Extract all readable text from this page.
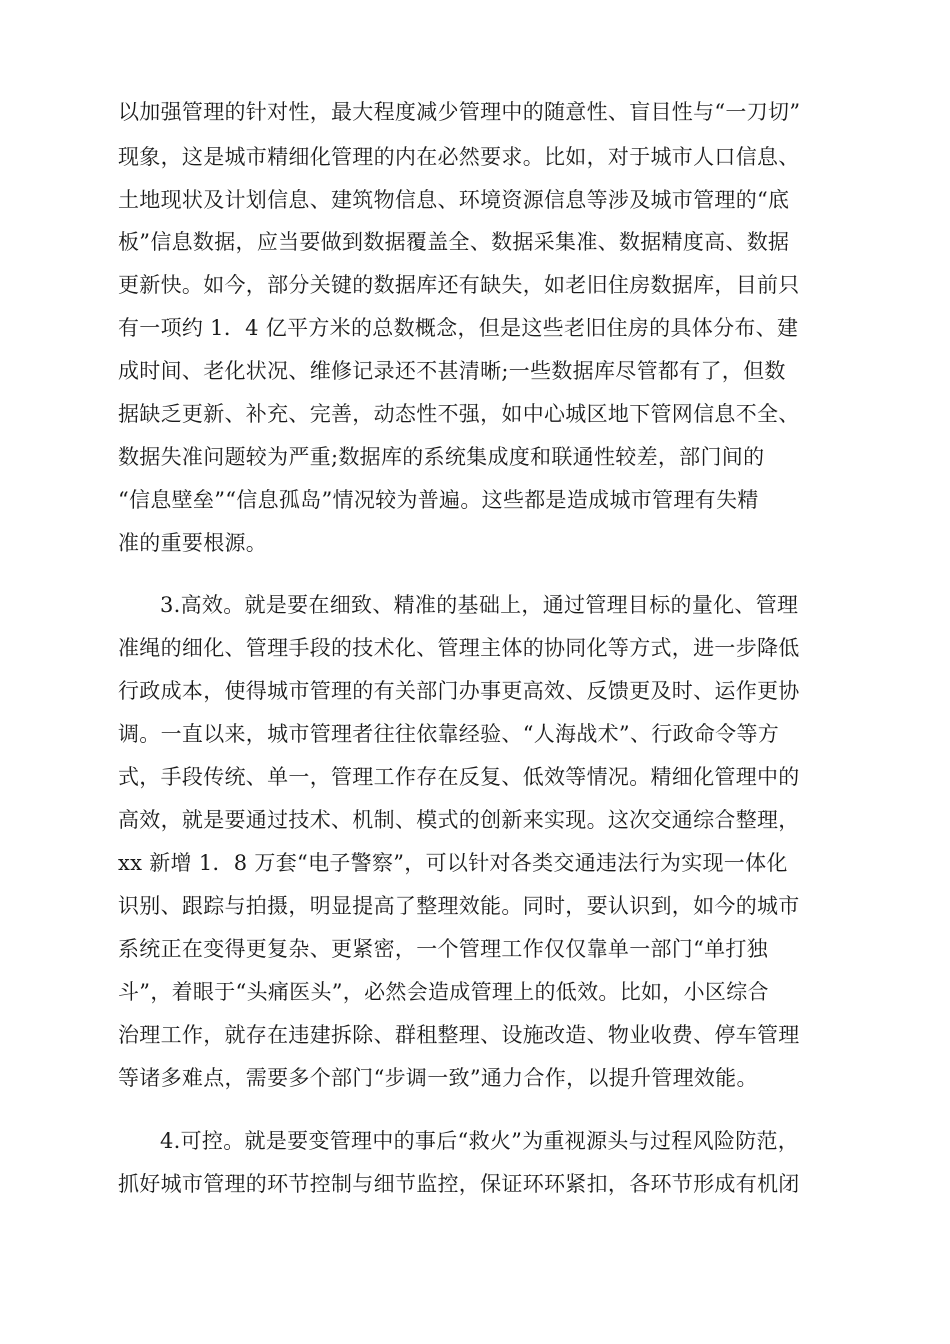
以加强管理的针对性，最大程度减少管理中的随意性、盲目性与“一刀切”
现象，这是城市精细化管理的内在必然要求。比如，对于城市人口信息、
土地现状及计划信息、建筑物信息、环境资源信息等涉及城市管理的“底
板”信息数据，应当要做到数据覆盖全、数据采集准、数据精度高、数据
更新快。如今，部分关键的数据库还有缺失，如老旧住房数据库，目前只
有一项约 1．4 亿平方米的总数概念，但是这些老旧住房的具体分布、建
成时间、老化状况、维修记录还不甚清晰;一些数据库尽管都有了，但数
据缺乏更新、补充、完善，动态性不强，如中心城区地下管网信息不全、
数据失准问题较为严重;数据库的系统集成度和联通性较差，部门间的
“信息壁垒”“信息孤岛”情况较为普遍。这些都是造成城市管理有失精
准的重要根源。
3.高效。就是要在细致、精准的基础上，通过管理目标的量化、管理
准绳的细化、管理手段的技术化、管理主体的协同化等方式，进一步降低
行政成本，使得城市管理的有关部门办事更高效、反馈更及时、运作更协
调。一直以来，城市管理者往往依靠经验、“人海战术”、行政命令等方
式，手段传统、单一，管理工作存在反复、低效等情况。精细化管理中的
高效，就是要通过技术、机制、模式的创新来实现。这次交通综合整理，
xx 新增 1．8 万套“电子警察”，可以针对各类交通违法行为实现一体化
识别、跟踪与拍摄，明显提高了整理效能。同时，要认识到，如今的城市
系统正在变得更复杂、更紧密，一个管理工作仅仅靠单一部门“单打独
斗”，着眼于“头痛医头”，必然会造成管理上的低效。比如，小区综合
治理工作，就存在违建拆除、群租整理、设施改造、物业收费、停车管理
等诸多难点，需要多个部门“步调一致”通力合作，以提升管理效能。
4.可控。就是要变管理中的事后“救火”为重视源头与过程风险防范，
抓好城市管理的环节控制与细节监控，保证环环紧扣，各环节形成有机闭
